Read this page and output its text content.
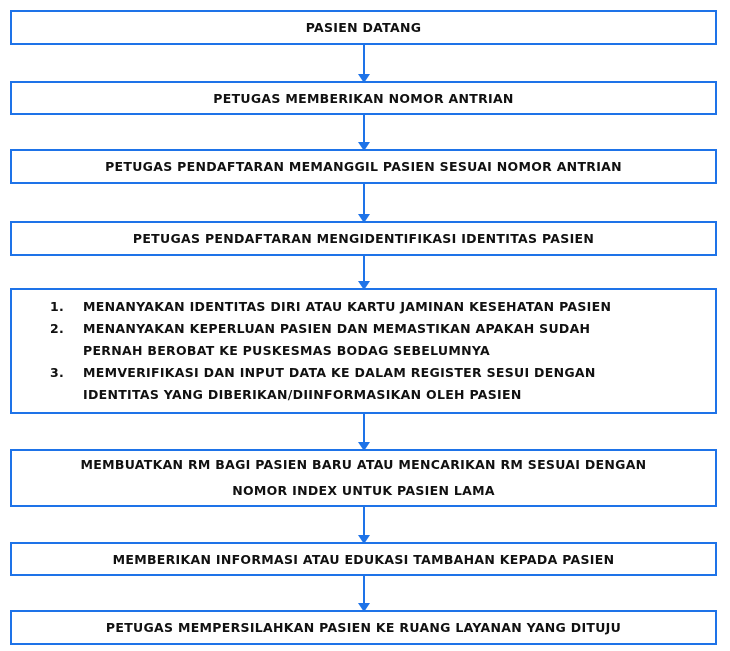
PASIEN DATANG
PETUGAS MEMBERIKAN NOMOR ANTRIAN
PETUGAS PENDAFTARAN MEMANGGIL PASIEN SESUAI NOMOR ANTRIAN
PETUGAS PENDAFTARAN MENGIDENTIFIKASI IDENTITAS PASIEN
1.	MENANYAKAN IDENTITAS DIRI ATAU KARTU JAMINAN KESEHATAN PASIEN
2.	MENANYAKAN KEPERLUAN PASIEN DAN MEMASTIKAN APAKAH SUDAH
PERNAH BEROBAT KE PUSKESMAS BODAG SEBELUMNYA
3.	MEMVERIFIKASI DAN INPUT DATA KE DALAM REGISTER SESUI DENGAN
IDENTITAS YANG DIBERIKAN/DIINFORMASIKAN OLEH PASIEN
MEMBUATKAN RM BAGI PASIEN BARU ATAU MENCARIKAN RM SESUAI DENGAN
NOMOR INDEX UNTUK PASIEN LAMA
MEMBERIKAN INFORMASI ATAU EDUKASI TAMBAHAN KEPADA PASIEN
PETUGAS MEMPERSILAHKAN PASIEN KE RUANG LAYANAN YANG DITUJU
